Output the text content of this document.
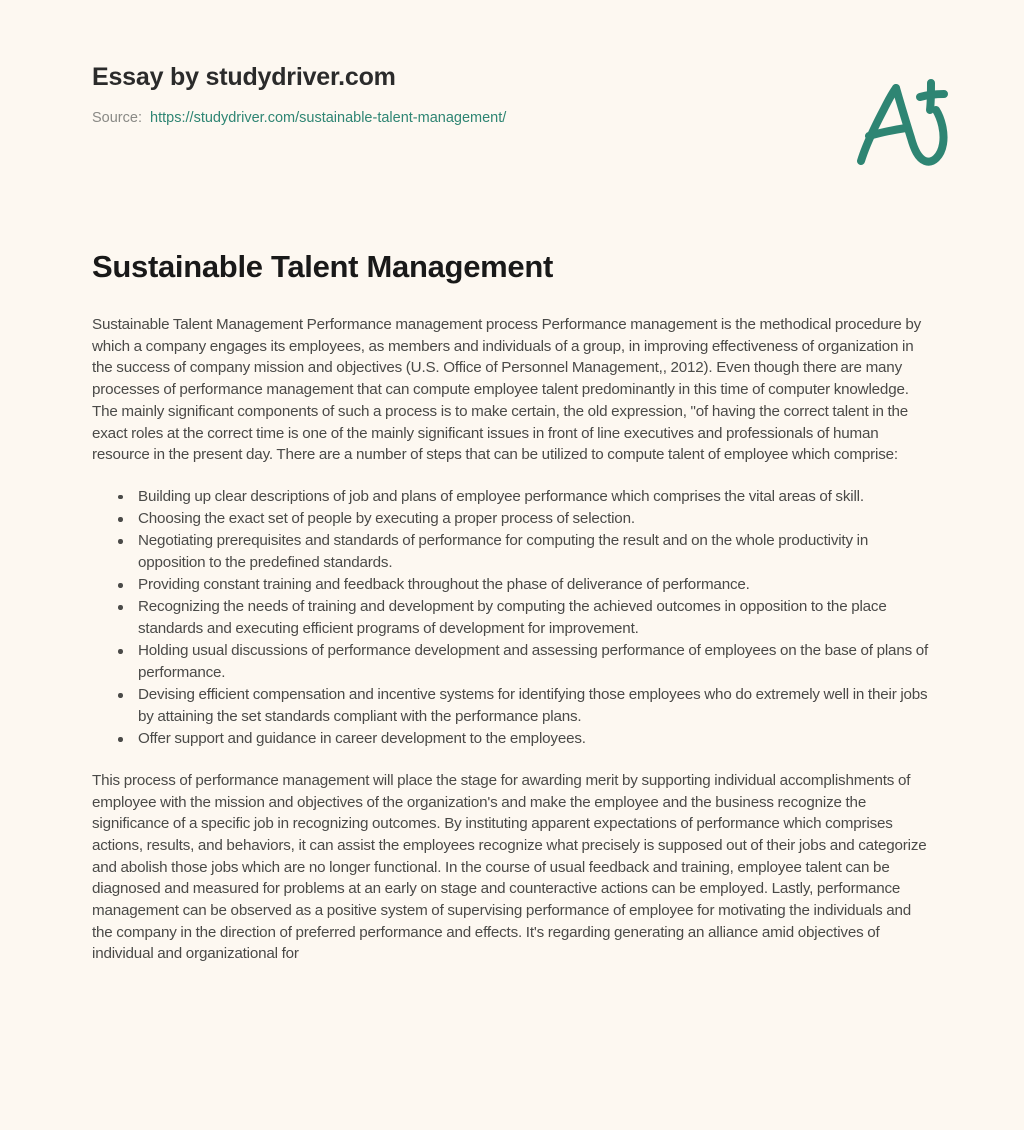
Essay by studydriver.com
Source: https://studydriver.com/sustainable-talent-management/
Sustainable Talent Management

Sustainable Talent Management Performance management process Performance management is the methodical procedure by which a company engages its employees, as members and individuals of a group, in improving effectiveness of organization in the success of company mission and objectives (U.S. Office of Personnel Management,, 2012). Even though there are many processes of performance management that can compute employee talent predominantly in this time of computer knowledge. The mainly significant components of such a process is to make certain, the old expression, "of having the correct talent in the exact roles at the correct time is one of the mainly significant issues in front of line executives and professionals of human resource in the present day. There are a number of steps that can be utilized to compute talent of employee which comprise:

Building up clear descriptions of job and plans of employee performance which comprises the vital areas of skill.
Choosing the exact set of people by executing a proper process of selection.
Negotiating prerequisites and standards of performance for computing the result and on the whole productivity in opposition to the predefined standards.
Providing constant training and feedback throughout the phase of deliverance of performance.
Recognizing the needs of training and development by computing the achieved outcomes in opposition to the place standards and executing efficient programs of development for improvement.
Holding usual discussions of performance development and assessing performance of employees on the base of plans of performance.
Devising efficient compensation and incentive systems for identifying those employees who do extremely well in their jobs by attaining the set standards compliant with the performance plans.
Offer support and guidance in career development to the employees.

This process of performance management will place the stage for awarding merit by supporting individual accomplishments of employee with the mission and objectives of the organization's and make the employee and the business recognize the significance of a specific job in recognizing outcomes. By instituting apparent expectations of performance which comprises actions, results, and behaviors, it can assist the employees recognize what precisely is supposed out of their jobs and categorize and abolish those jobs which are no longer functional. In the course of usual feedback and training, employee talent can be diagnosed and measured for problems at an early on stage and counteractive actions can be employed. Lastly, performance management can be observed as a positive system of supervising performance of employee for motivating the individuals and the company in the direction of preferred performance and effects. It's regarding generating an alliance amid objectives of individual and organizational for
